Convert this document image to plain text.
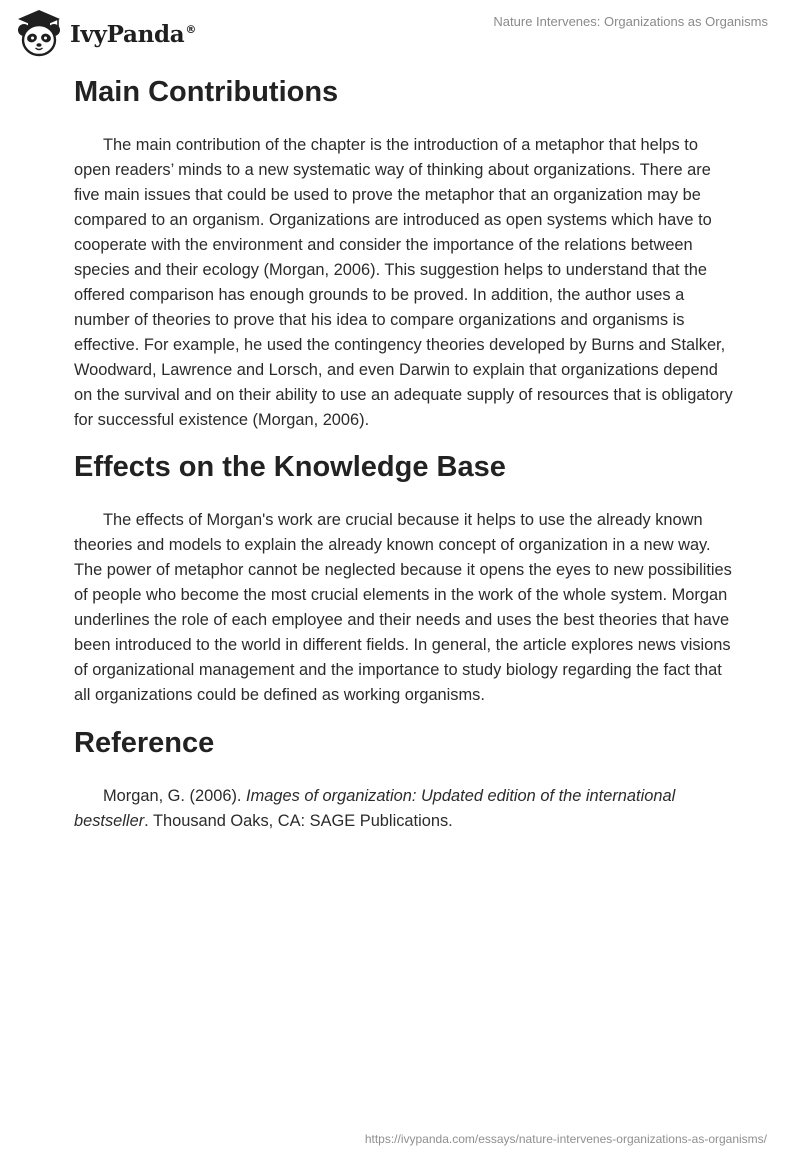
IvyPanda®
Nature Intervenes: Organizations as Organisms
Main Contributions

The main contribution of the chapter is the introduction of a metaphor that helps to open readers’ minds to a new systematic way of thinking about organizations. There are five main issues that could be used to prove the metaphor that an organization may be compared to an organism. Organizations are introduced as open systems which have to cooperate with the environment and consider the importance of the relations between species and their ecology (Morgan, 2006). This suggestion helps to understand that the offered comparison has enough grounds to be proved. In addition, the author uses a number of theories to prove that his idea to compare organizations and organisms is effective. For example, he used the contingency theories developed by Burns and Stalker, Woodward, Lawrence and Lorsch, and even Darwin to explain that organizations depend on the survival and on their ability to use an adequate supply of resources that is obligatory for successful existence (Morgan, 2006).

Effects on the Knowledge Base

The effects of Morgan's work are crucial because it helps to use the already known theories and models to explain the already known concept of organization in a new way. The power of metaphor cannot be neglected because it opens the eyes to new possibilities of people who become the most crucial elements in the work of the whole system. Morgan underlines the role of each employee and their needs and uses the best theories that have been introduced to the world in different fields. In general, the article explores news visions of organizational management and the importance to study biology regarding the fact that all organizations could be defined as working organisms.

Reference

Morgan, G. (2006). Images of organization: Updated edition of the international bestseller. Thousand Oaks, CA: SAGE Publications.

https://ivypanda.com/essays/nature-intervenes-organizations-as-organisms/
